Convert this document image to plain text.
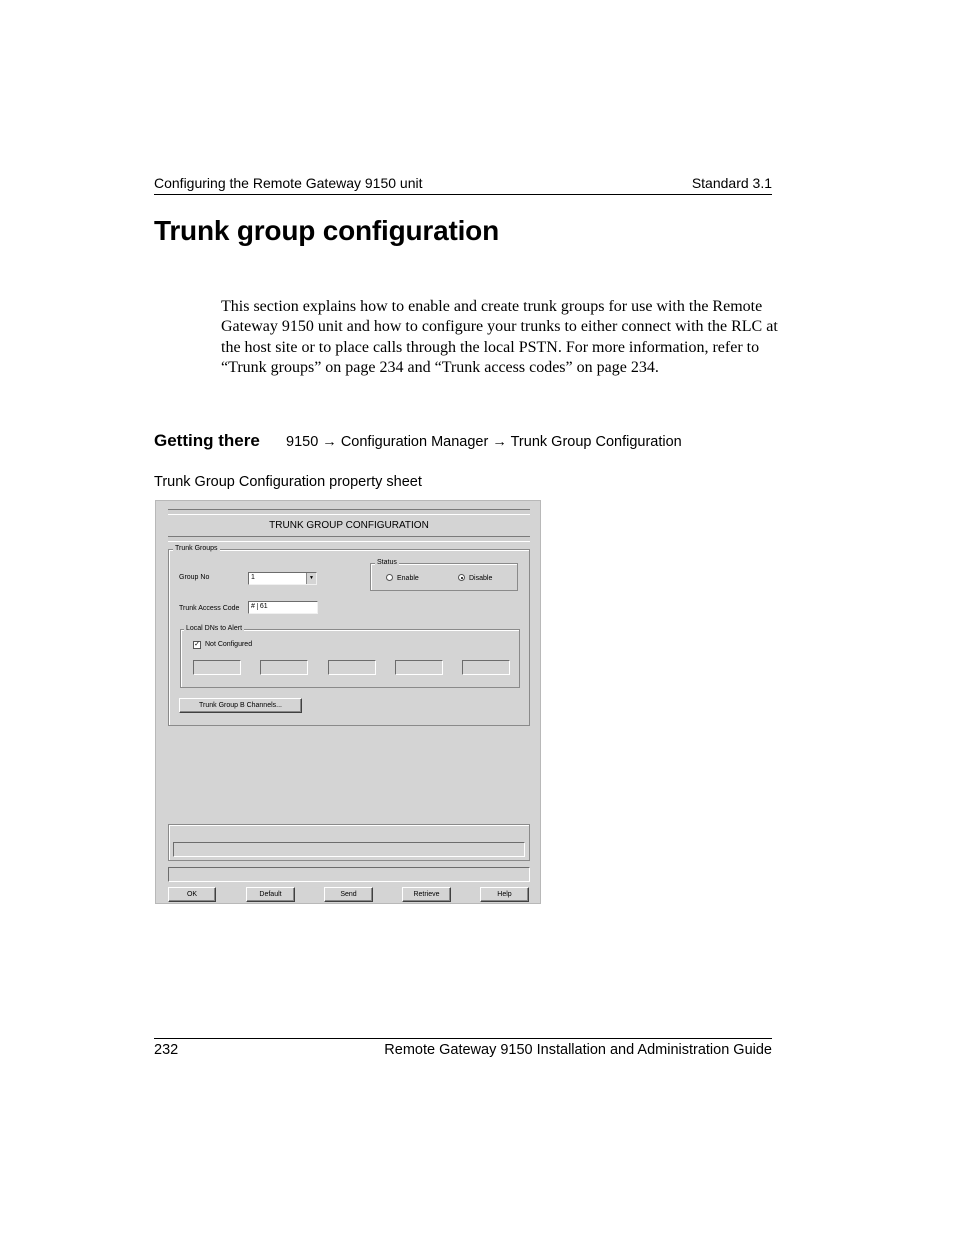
Configuring the Remote Gateway 9150 unit	Standard 3.1
Trunk group configuration
This section explains how to enable and create trunk groups for use with the Remote Gateway 9150 unit and how to configure your trunks to either connect with the RLC at the host site or to place calls through the local PSTN. For more information, refer to “Trunk groups” on page 234 and “Trunk access codes” on page 234.
Getting there 9150 → Configuration Manager → Trunk Group Configuration
Trunk Group Configuration property sheet
TRUNK GROUP CONFIGURATION
Trunk Groups
Group No	1	▼
Status
Enable	Disable
Trunk Access Code	# 61
Local DNs to Alert
✓ Not Configured
Trunk Group B Channels...
OK	Default	Send	Retrieve	Help
232	Remote Gateway 9150 Installation and Administration Guide
